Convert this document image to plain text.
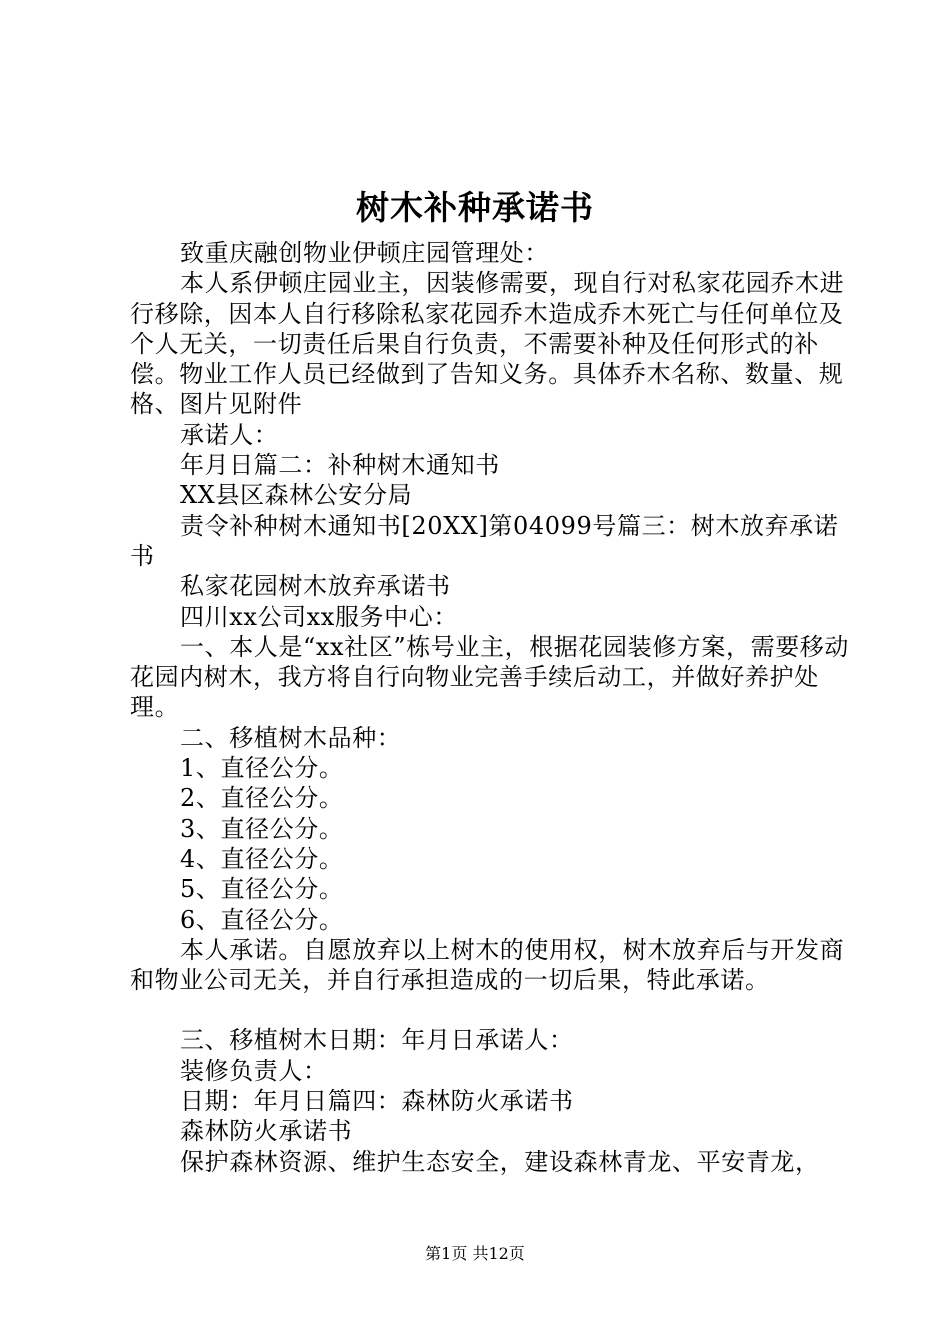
树木补种承诺书

致重庆融创物业伊顿庄园管理处：

本人系伊顿庄园业主，因装修需要，现自行对私家花园乔木进行移除，因本人自行移除私家花园乔木造成乔木死亡与任何单位及个人无关，一切责任后果自行负责，不需要补种及任何形式的补偿。物业工作人员已经做到了告知义务。具体乔木名称、数量、规格、图片见附件

承诺人：

年月日篇二：补种树木通知书

XX县区森林公安分局

责令补种树木通知书[20XX]第04099号篇三：树木放弃承诺书

私家花园树木放弃承诺书

四川xx公司xx服务中心：

一、本人是“xx社区”栋号业主，根据花园装修方案，需要移动花园内树木，我方将自行向物业完善手续后动工，并做好养护处理。

二、移植树木品种：

1、直径公分。

2、直径公分。

3、直径公分。

4、直径公分。

5、直径公分。

6、直径公分。

本人承诺。自愿放弃以上树木的使用权，树木放弃后与开发商和物业公司无关，并自行承担造成的一切后果，特此承诺。

三、移植树木日期：年月日承诺人：

装修负责人：

日期：年月日篇四：森林防火承诺书

森林防火承诺书

保护森林资源、维护生态安全，建设森林青龙、平安青龙，

第1页 共12页
